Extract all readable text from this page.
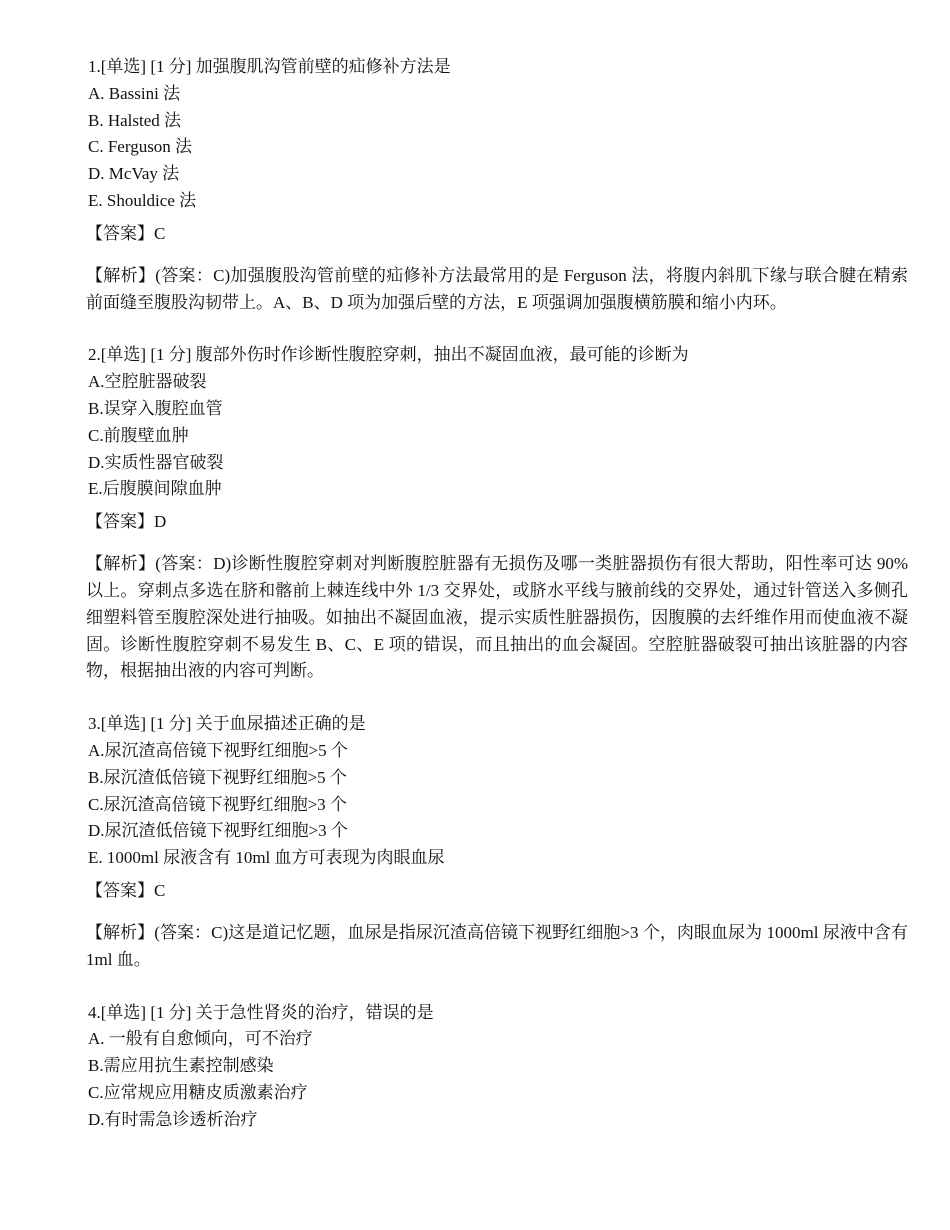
1.[单选] [1 分] 加强腹肌沟管前壁的疝修补方法是
A. Bassini 法
B. Halsted 法
C. Ferguson 法
D. McVay 法
E. Shouldice 法
【答案】C
【解析】(答案：C)加强腹股沟管前壁的疝修补方法最常用的是 Ferguson 法，将腹内斜肌下缘与联合腱在精索前面缝至腹股沟韧带上。A、B、D 项为加强后壁的方法，E 项强调加强腹横筋膜和缩小内环。
2.[单选] [1 分] 腹部外伤时作诊断性腹腔穿刺，抽出不凝固血液，最可能的诊断为
A.空腔脏器破裂
B.误穿入腹腔血管
C.前腹壁血肿
D.实质性器官破裂
E.后腹膜间隙血肿
【答案】D
【解析】(答案：D)诊断性腹腔穿刺对判断腹腔脏器有无损伤及哪一类脏器损伤有很大帮助，阳性率可达 90%以上。穿刺点多选在脐和髂前上棘连线中外 1/3 交界处，或脐水平线与腋前线的交界处，通过针管送入多侧孔细塑料管至腹腔深处进行抽吸。如抽出不凝固血液，提示实质性脏器损伤，因腹膜的去纤维作用而使血液不凝固。诊断性腹腔穿刺不易发生 B、C、E 项的错误，而且抽出的血会凝固。空腔脏器破裂可抽出该脏器的内容物，根据抽出液的内容可判断。
3.[单选] [1 分] 关于血尿描述正确的是
A.尿沉渣高倍镜下视野红细胞>5 个
B.尿沉渣低倍镜下视野红细胞>5 个
C.尿沉渣高倍镜下视野红细胞>3 个
D.尿沉渣低倍镜下视野红细胞>3 个
E. 1000ml 尿液含有 10ml 血方可表现为肉眼血尿
【答案】C
【解析】(答案：C)这是道记忆题，血尿是指尿沉渣高倍镜下视野红细胞>3 个，肉眼血尿为 1000ml 尿液中含有 1ml 血。
4.[单选] [1 分] 关于急性肾炎的治疗，错误的是
A. 一般有自愈倾向，可不治疗
B.需应用抗生素控制感染
C.应常规应用糖皮质激素治疗
D.有时需急诊透析治疗
